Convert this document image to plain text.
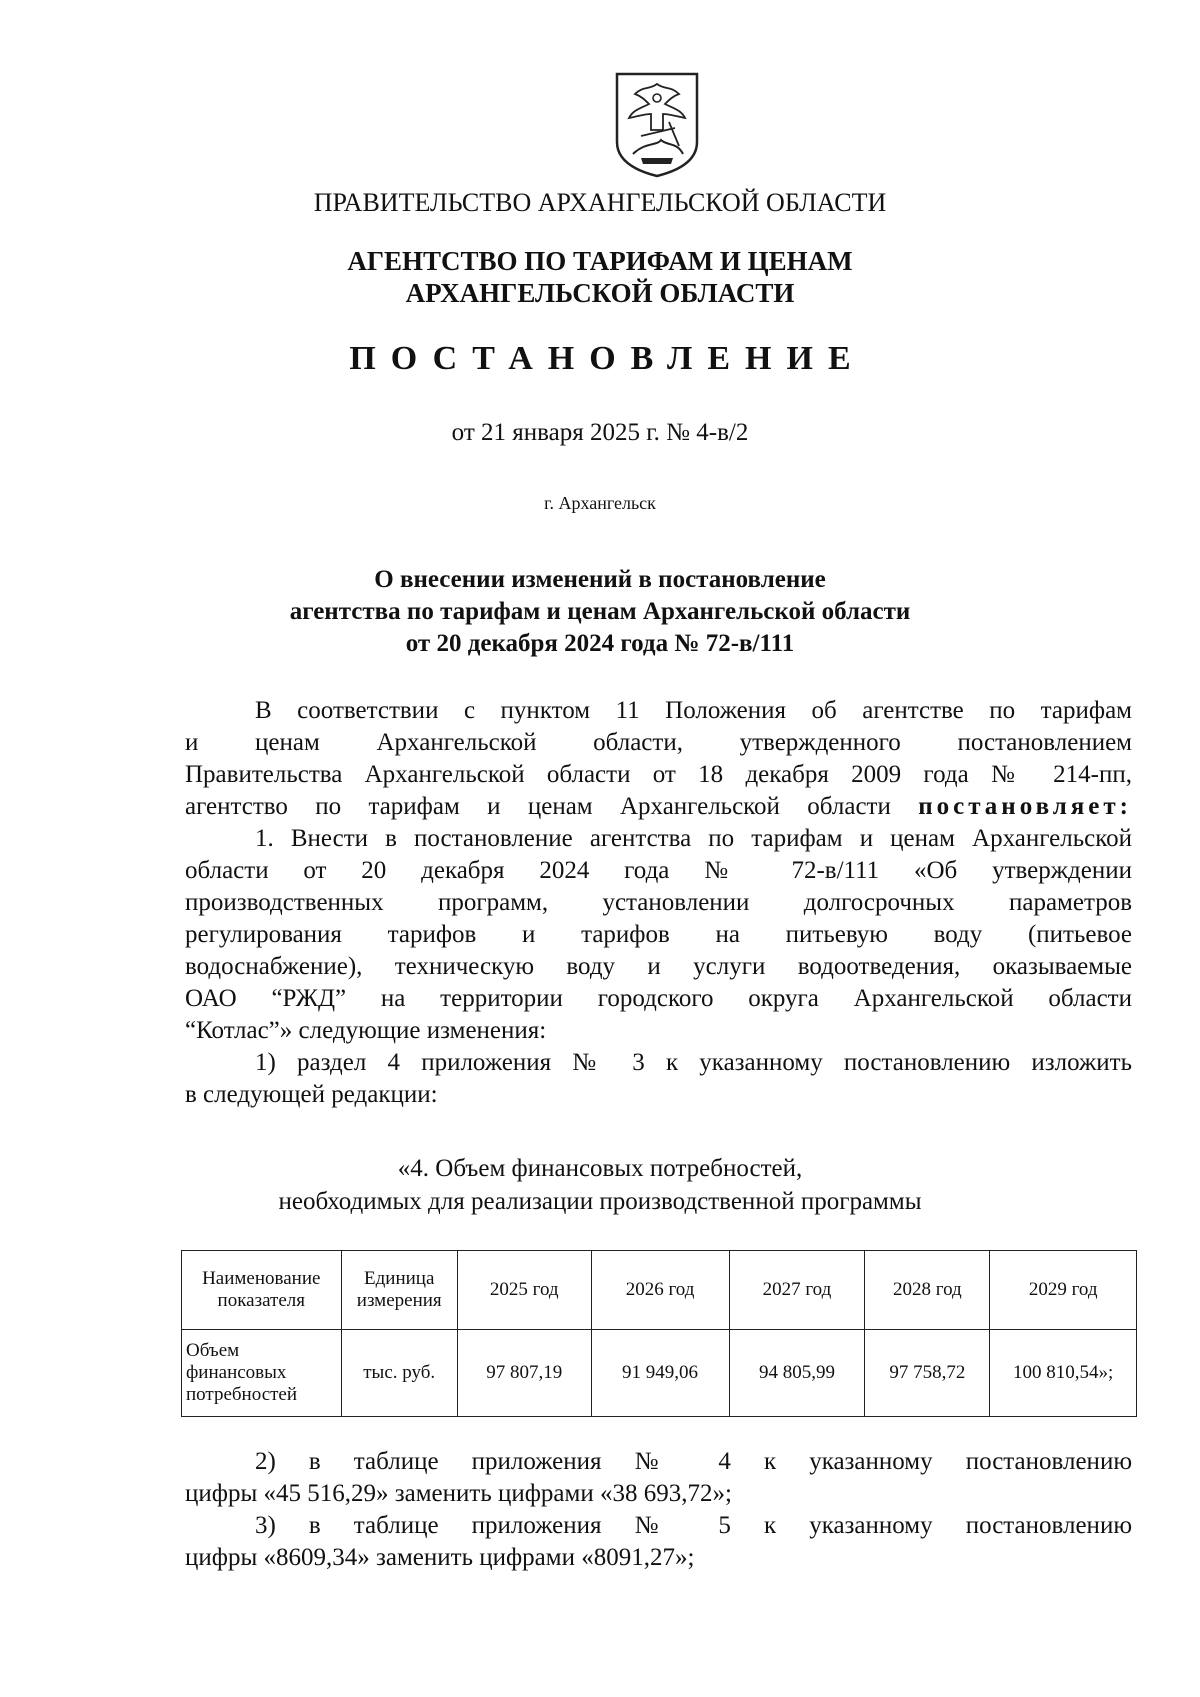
ПРАВИТЕЛЬСТВО АРХАНГЕЛЬСКОЙ ОБЛАСТИ
АГЕНТСТВО ПО ТАРИФАМ И ЦЕНАМ
АРХАНГЕЛЬСКОЙ ОБЛАСТИ
ПОСТАНОВЛЕНИЕ
от 21 января 2025 г. № 4-в/2
г. Архангельск
О внесении изменений в постановление
агентства по тарифам и ценам Архангельской области
от 20 декабря 2024 года № 72-в/111
В соответствии с пунктом 11 Положения об агентстве по тарифам
и ценам Архангельской области, утвержденного постановлением
Правительства Архангельской области от 18 декабря 2009 года № 214-пп,
агентство по тарифам и ценам Архангельской области постановляет:
1. Внести в постановление агентства по тарифам и ценам Архангельской
области от 20 декабря 2024 года № 72-в/111 «Об утверждении
производственных программ, установлении долгосрочных параметров
регулирования тарифов и тарифов на питьевую воду (питьевое
водоснабжение), техническую воду и услуги водоотведения, оказываемые
ОАО “РЖД” на территории городского округа Архангельской области
“Котлас”» следующие изменения:
1) раздел 4 приложения № 3 к указанному постановлению изложить
в следующей редакции:
«4. Объем финансовых потребностей,
необходимых для реализации производственной программы
Наименование показателя	Единица измерения	2025 год	2026 год	2027 год	2028 год	2029 год
Объем финансовых потребностей	тыс. руб.	97 807,19	91 949,06	94 805,99	97 758,72	100 810,54»;
2) в таблице приложения № 4 к указанному постановлению
цифры «45 516,29» заменить цифрами «38 693,72»;
3) в таблице приложения № 5 к указанному постановлению
цифры «8609,34» заменить цифрами «8091,27»;
